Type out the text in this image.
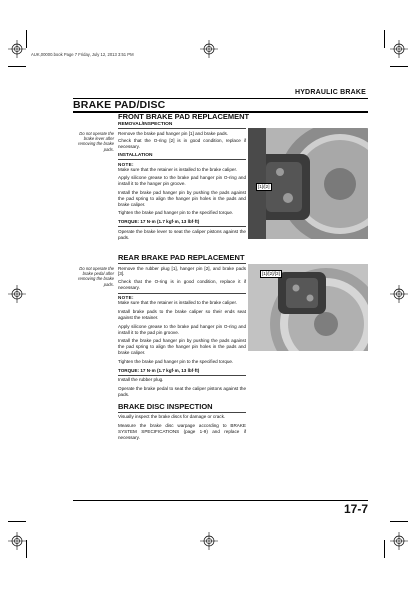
AUK,00000.book Page 7 Friday, July 12, 2013 3:51 PM
HYDRAULIC BRAKE
BRAKE PAD/DISC
Do not operate the brake lever after removing the brake pads.
FRONT BRAKE PAD REPLACEMENT
REMOVAL/INSPECTION
Remove the brake pad hanger pin [1] and brake pads.
Check that the O-ring [2] is in good condition, replace if necessary.
INSTALLATION
NOTE:
Make sure that the retainer is installed to the brake caliper.
Apply silicone grease to the brake pad hanger pin O-ring and install it to the hanger pin groove.
Install the brake pad hanger pin by pushing the pads against the pad spring to align the hanger pin holes in the pads and brake caliper.
Tighten the brake pad hanger pin to the specified torque.
TORQUE: 17 N·m (1.7 kgf·m, 13 lbf·ft)
Operate the brake lever to seat the caliper pistons against the pads.
[1]/[2]
Do not operate the brake pedal after removing the brake pads.
REAR BRAKE PAD REPLACEMENT
Remove the rubber plug [1], hanger pin [2], and brake pads [3].
Check that the O-ring is in good condition, replace it if necessary.
NOTE:
Make sure that the retainer is installed to the brake caliper.
Install brake pads to the brake caliper so their ends seat against the retainer.
Apply silicone grease to the brake pad hanger pin O-ring and install it to the pad pin groove.
Install the brake pad hanger pin by pushing the pads against the pad spring to align the hanger pin holes in the pads and brake caliper.
Tighten the brake pad hanger pin to the specified torque.
TORQUE: 17 N·m (1.7 kgf·m, 13 lbf·ft)
Install the rubber plug.
Operate the brake pedal to seat the caliper pistons against the pads.
BRAKE DISC INSPECTION
Visually inspect the brake discs for damage or crack.
Measure the brake disc warpage according to BRAKE SYSTEM SPECIFICATIONS (page 1-9) and replace if necessary.
[1]/[2]/[3]
17-7
